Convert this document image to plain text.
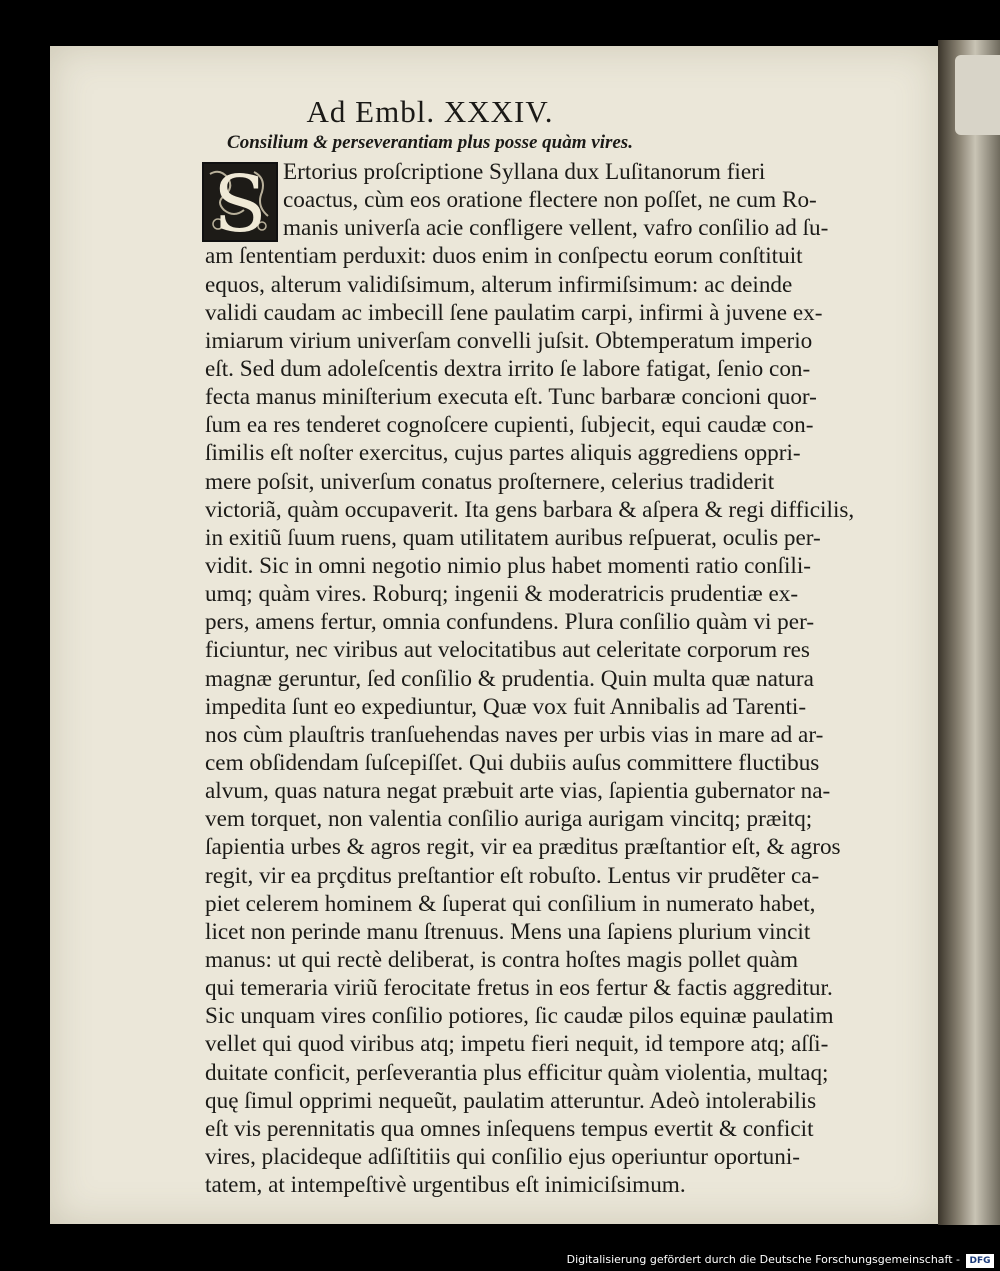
Ad Embl. XXXIV.
Consilium & perseverantiam plus posse quàm vires.
S Ertorius proſcriptione Syllana dux Luſitanorum fieri
coactus, cùm eos oratione flectere non poſſet, ne cum Ro-
manis univerſa acie confligere vellent, vafro conſilio ad ſu-
am ſententiam perduxit: duos enim in conſpectu eorum conſtituit
equos, alterum validiſsimum, alterum infirmiſsimum: ac deinde
validi caudam ac imbecill ſene paulatim carpi, infirmi à juvene ex-
imiarum virium univerſam convelli juſsit. Obtemperatum imperio
eſt. Sed dum adoleſcentis dextra irrito ſe labore fatigat, ſenio con-
fecta manus miniſterium executa eſt. Tunc barbaræ concioni quor-
ſum ea res tenderet cognoſcere cupienti, ſubjecit, equi caudæ con-
ſimilis eſt noſter exercitus, cujus partes aliquis aggrediens oppri-
mere poſsit, univerſum conatus proſternere, celerius tradiderit
victoriã, quàm occupaverit. Ita gens barbara & aſpera & regi difficilis,
in exitiũ ſuum ruens, quam utilitatem auribus reſpuerat, oculis per-
vidit. Sic in omni negotio nimio plus habet momenti ratio conſili-
umq; quàm vires. Roburq; ingenii & moderatricis prudentiæ ex-
pers, amens fertur, omnia confundens. Plura conſilio quàm vi per-
ficiuntur, nec viribus aut velocitatibus aut celeritate corporum res
magnæ geruntur, ſed conſilio & prudentia. Quin multa quæ natura
impedita ſunt eo expediuntur, Quæ vox fuit Annibalis ad Tarenti-
nos cùm plauſtris tranſuehendas naves per urbis vias in mare ad ar-
cem obſidendam ſuſcepiſſet. Qui dubiis auſus committere fluctibus
alvum, quas natura negat præbuit arte vias, ſapientia gubernator na-
vem torquet, non valentia conſilio auriga aurigam vincitq; præitq;
ſapientia urbes & agros regit, vir ea præditus præſtantior eſt, & agros
regit, vir ea prçditus preſtantior eſt robuſto. Lentus vir prudẽter ca-
piet celerem hominem & ſuperat qui conſilium in numerato habet,
licet non perinde manu ſtrenuus. Mens una ſapiens plurium vincit
manus: ut qui rectè deliberat, is contra hoſtes magis pollet quàm
qui temeraria viriũ ferocitate fretus in eos fertur & factis aggreditur.
Sic unquam vires conſilio potiores, ſic caudæ pilos equinæ paulatim
vellet qui quod viribus atq; impetu fieri nequit, id tempore atq; aſſi-
duitate conficit, perſeverantia plus efficitur quàm violentia, multaq;
quę ſimul opprimi nequeũt, paulatim atteruntur. Adeò intolerabilis
eſt vis perennitatis qua omnes inſequens tempus evertit & conficit
vires, placideque adſiſtitiis qui conſilio ejus operiuntur oportuni-
tatem, at intempeſtivè urgentibus eſt inimiciſsimum.
Digitalisierung gefördert durch die Deutsche Forschungsgemeinschaft -	DFG
